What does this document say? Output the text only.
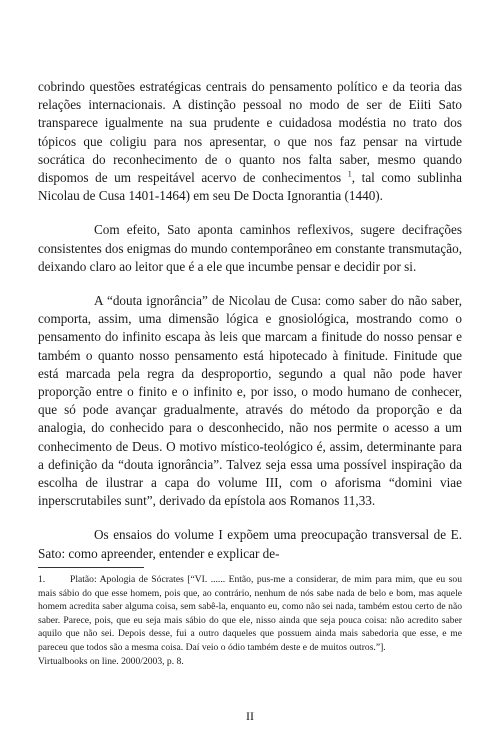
cobrindo questões estratégicas centrais do pensamento político e da teoria das relações internacionais. A distinção pessoal no modo de ser de Eiiti Sato transparece igualmente na sua prudente e cuidadosa modéstia no trato dos tópicos que coligiu para nos apresentar, o que nos faz pensar na virtude socrática do reconhecimento de o quanto nos falta saber, mesmo quando dispomos de um respeitável acervo de conhecimentos $^1$, tal como sublinha Nicolau de Cusa 1401-1464) em seu De Docta Ignorantia (1440).

Com efeito, Sato aponta caminhos reflexivos, sugere decifrações consistentes dos enigmas do mundo contemporâneo em constante transmutação, deixando claro ao leitor que é a ele que incumbe pensar e decidir por si.

A “douta ignorância” de Nicolau de Cusa: como saber do não saber, comporta, assim, uma dimensão lógica e gnosiológica, mostrando como o pensamento do infinito escapa às leis que marcam a finitude do nosso pensar e também o quanto nosso pensamento está hipotecado à finitude. Finitude que está marcada pela regra da desproportio, segundo a qual não pode haver proporção entre o finito e o infinito e, por isso, o modo humano de conhecer, que só pode avançar gradualmente, através do método da proporção e da analogia, do conhecido para o desconhecido, não nos permite o acesso a um conhecimento de Deus. O motivo místico-teológico é, assim, determinante para a definição da “douta ignorância”. Talvez seja essa uma possível inspiração da escolha de ilustrar a capa do volume III, com o aforisma “domini viae inperscrutabiles sunt”, derivado da epístola aos Romanos 11,33.

Os ensaios do volume I expõem uma preocupação transversal de E. Sato: como apreender, entender e explicar de-

1.	Platão: Apologia de Sócrates [“VI. ...... Então, pus-me a considerar, de mim para mim, que eu sou mais sábio do que esse homem, pois que, ao contrário, nenhum de nós sabe nada de belo e bom, mas aquele homem acredita saber alguma coisa, sem sabê-la, enquanto eu, como não sei nada, também estou certo de não saber. Parece, pois, que eu seja mais sábio do que ele, nisso ainda que seja pouca coisa: não acredito saber aquilo que não sei. Depois desse, fui a outro daqueles que possuem ainda mais sabedoria que esse, e me pareceu que todos são a mesma coisa. Daí veio o ódio também deste e de muitos outros.”].

Virtualbooks on line. 2000/2003, p. 8.

II
